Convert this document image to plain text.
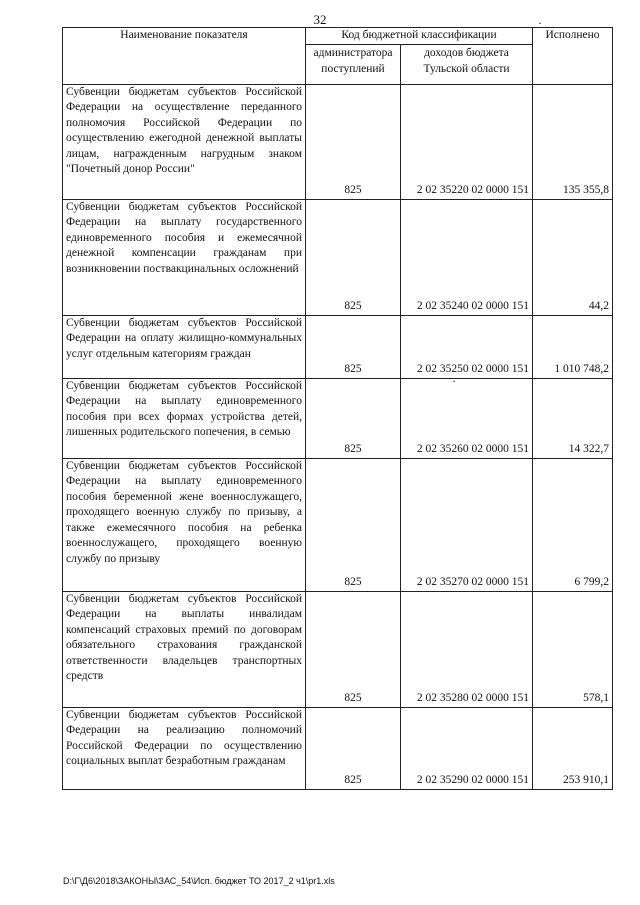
32	·
Наименование показателя	Код бюджетной классификации		Исполнено
	администратора поступлений	доходов бюджета Тульской области	
Субвенции бюджетам субъектов Российской Федерации на осуществление переданного полномочия Российской Федерации по осуществлению ежегодной денежной выплаты лицам, награжденным нагрудным знаком "Почетный донор России"	825	2 02 35220 02 0000 151	135 355,8
Субвенции бюджетам субъектов Российской Федерации на выплату государственного единовременного пособия и ежемесячной денежной компенсации гражданам при возникновении поствакцинальных осложнений	825	2 02 35240 02 0000 151	44,2
Субвенции бюджетам субъектов Российской Федерации на оплату жилищно-коммунальных услуг отдельным категориям граждан	825	2 02 35250 02 0000 151	1 010 748,2
Субвенции бюджетам субъектов Российской Федерации на выплату единовременного пособия при всех формах устройства детей, лишенных родительского попечения, в семью	825	2 02 35260 02 0000 151	14 322,7
Субвенции бюджетам субъектов Российской Федерации на выплату единовременного пособия беременной жене военнослужащего, проходящего военную службу по призыву, а также ежемесячного пособия на ребенка военнослужащего, проходящего военную службу по призыву	825	2 02 35270 02 0000 151	6 799,2
Субвенции бюджетам субъектов Российской Федерации на выплаты инвалидам компенсаций страховых премий по договорам обязательного страхования гражданской ответственности владельцев транспортных средств	825	2 02 35280 02 0000 151	578,1
Субвенции бюджетам субъектов Российской Федерации на реализацию полномочий Российской Федерации по осуществлению социальных выплат безработным гражданам	825	2 02 35290 02 0000 151	253 910,1
·
D:\Г\Д6\2018\ЗАКОНЫ\ЗАС_54\Исп. бюджет ТО 2017_2 ч1\pr1.xls
